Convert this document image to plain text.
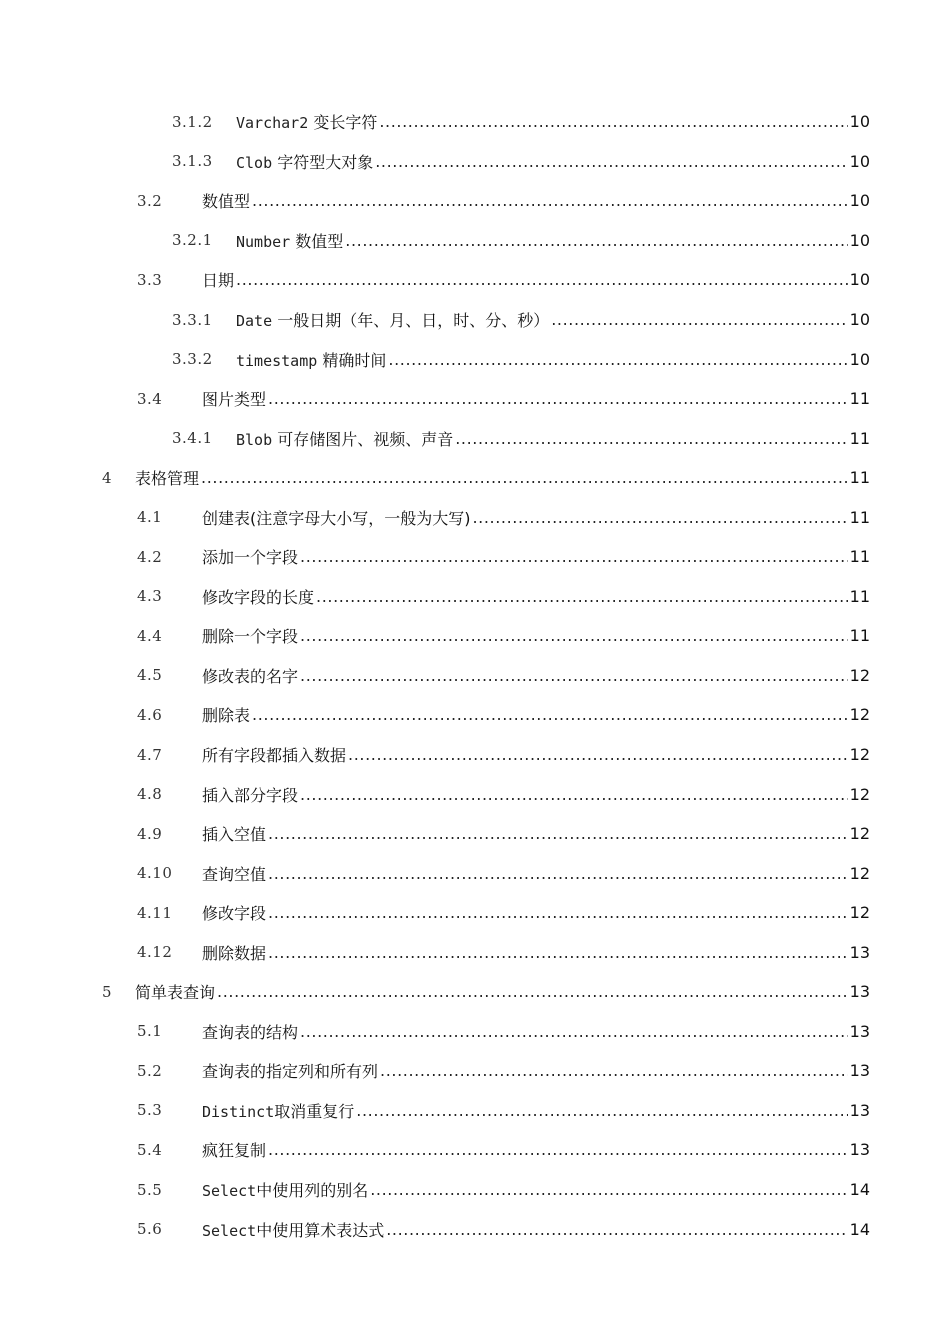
3.1.2	Varchar2 变长字符 .....	10
3.1.3	Clob 字符型大对象 .....	10
3.2	数值型 .....	10
3.2.1	Number 数值型 .....	10
3.3	日期 .....	10
3.3.1	Date 一般日期（年、月、日，时、分、秒） .....	10
3.3.2	timestamp 精确时间 .....	10
3.4	图片类型 .....	11
3.4.1	Blob 可存储图片、视频、声音 .....	11
4	表格管理 .....	11
4.1	创建表(注意字母大小写，一般为大写) .....	11
4.2	添加一个字段 .....	11
4.3	修改字段的长度 .....	11
4.4	删除一个字段 .....	11
4.5	修改表的名字 .....	12
4.6	删除表 .....	12
4.7	所有字段都插入数据 .....	12
4.8	插入部分字段 .....	12
4.9	插入空值 .....	12
4.10	查询空值 .....	12
4.11	修改字段 .....	12
4.12	删除数据 .....	13
5	简单表查询 .....	13
5.1	查询表的结构 .....	13
5.2	查询表的指定列和所有列 .....	13
5.3	Distinct取消重复行 .....	13
5.4	疯狂复制 .....	13
5.5	Select中使用列的别名 .....	14
5.6	Select中使用算术表达式 .....	14
